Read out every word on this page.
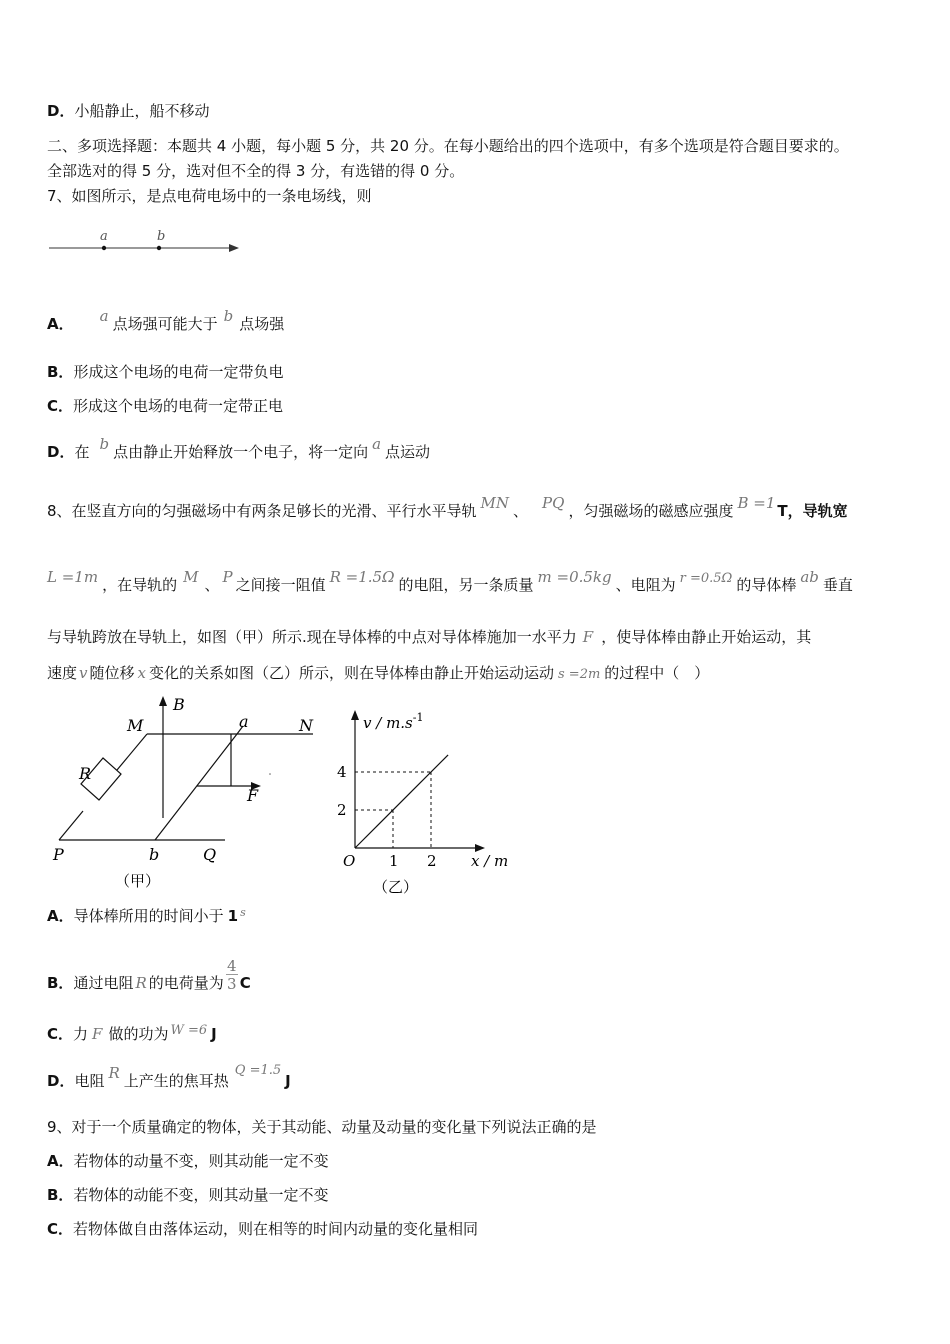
D．小船静止，船不移动
二、多项选择题：本题共 4 小题，每小题 5 分，共 20 分。在每小题给出的四个选项中，有多个选项是符合题目要求的。
全部选对的得 5 分，选对但不全的得 3 分，有选错的得 0 分。
7、如图所示，是点电荷电场中的一条电场线，则
a	b
A． a 点场强可能大于 b 点场强
B．形成这个电场的电荷一定带负电
C．形成这个电场的电荷一定带正电
D．在 b 点由静止开始释放一个电子，将一定向 a 点运动
8、在竖直方向的匀强磁场中有两条足够长的光滑、平行水平导轨 MN 、 PQ ，匀强磁场的磁感应强度 B =1 T，导轨宽
L =1m ，在导轨的 M 、 P 之间接一阻值 R =1.5Ω 的电阻，另一条质量 m =0.5kg 、电阻为 r =0.5Ω 的导体棒 ab 垂直
与导轨跨放在导轨上，如图（甲）所示.现在导体棒的中点对导体棒施加一水平力 F ，使导体棒由静止开始运动，其
速度 v 随位移 x 变化的关系如图（乙）所示，则在导体棒由静止开始运动运动 s =2m 的过程中（　）
B
M	a	N
R
F
P	b	Q
（甲）
v / $m.s^{-1}$
4
2
O 1 2 x / m
（乙）
A．导体棒所用的时间小于 1 $^s$
B．通过电阻 R 的电荷量为 $\frac{4}{3}$ C
C．力 F 做的功为 W =6 J
D．电阻 R 上产生的焦耳热Q =1.5J
9、对于一个质量确定的物体，关于其动能、动量及动量的变化量下列说法正确的是
A．若物体的动量不变，则其动能一定不变
B．若物体的动能不变，则其动量一定不变
C．若物体做自由落体运动，则在相等的时间内动量的变化量相同
